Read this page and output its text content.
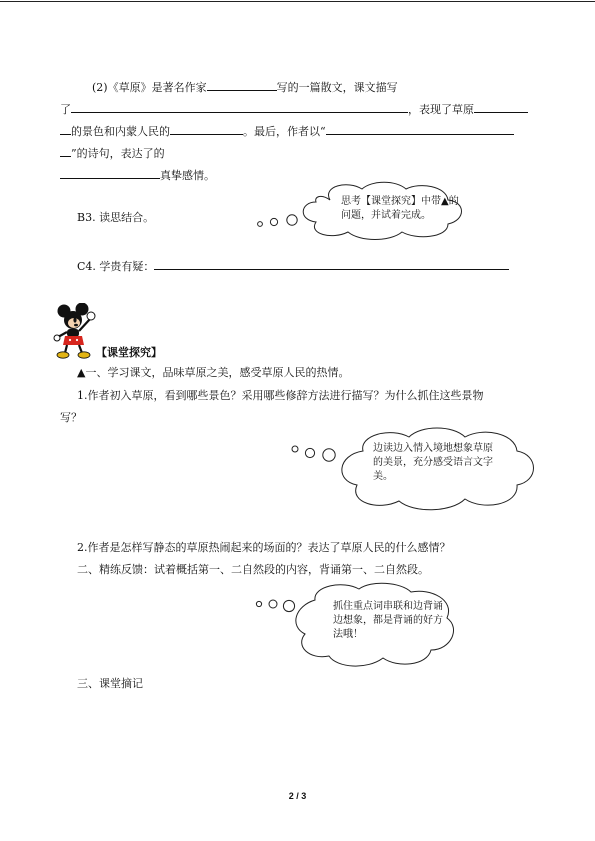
(2)《草原》是著名作家	写的一篇散文，课文描写
了	，表现了草原
的景色和内蒙人民的	。最后，作者以“
”的诗句，表达了的
真挚感情。
B3. 读思结合。
思考【课堂探究】中带▲的问题，并试着完成。
C4. 学贵有疑：
【课堂探究】
▲一、学习课文，品味草原之美，感受草原人民的热情。
1.作者初入草原，看到哪些景色？采用哪些修辞方法进行描写？为什么抓住这些景物
写？
边读边入情入境地想象草原的美景，充分感受语言文字美。
2.作者是怎样写静态的草原热闹起来的场面的？表达了草原人民的什么感情？
二、精练反馈：试着概括第一、二自然段的内容，背诵第一、二自然段。
抓住重点词串联和边背诵边想象，都是背诵的好方法哦！
三、课堂摘记
2 / 3
